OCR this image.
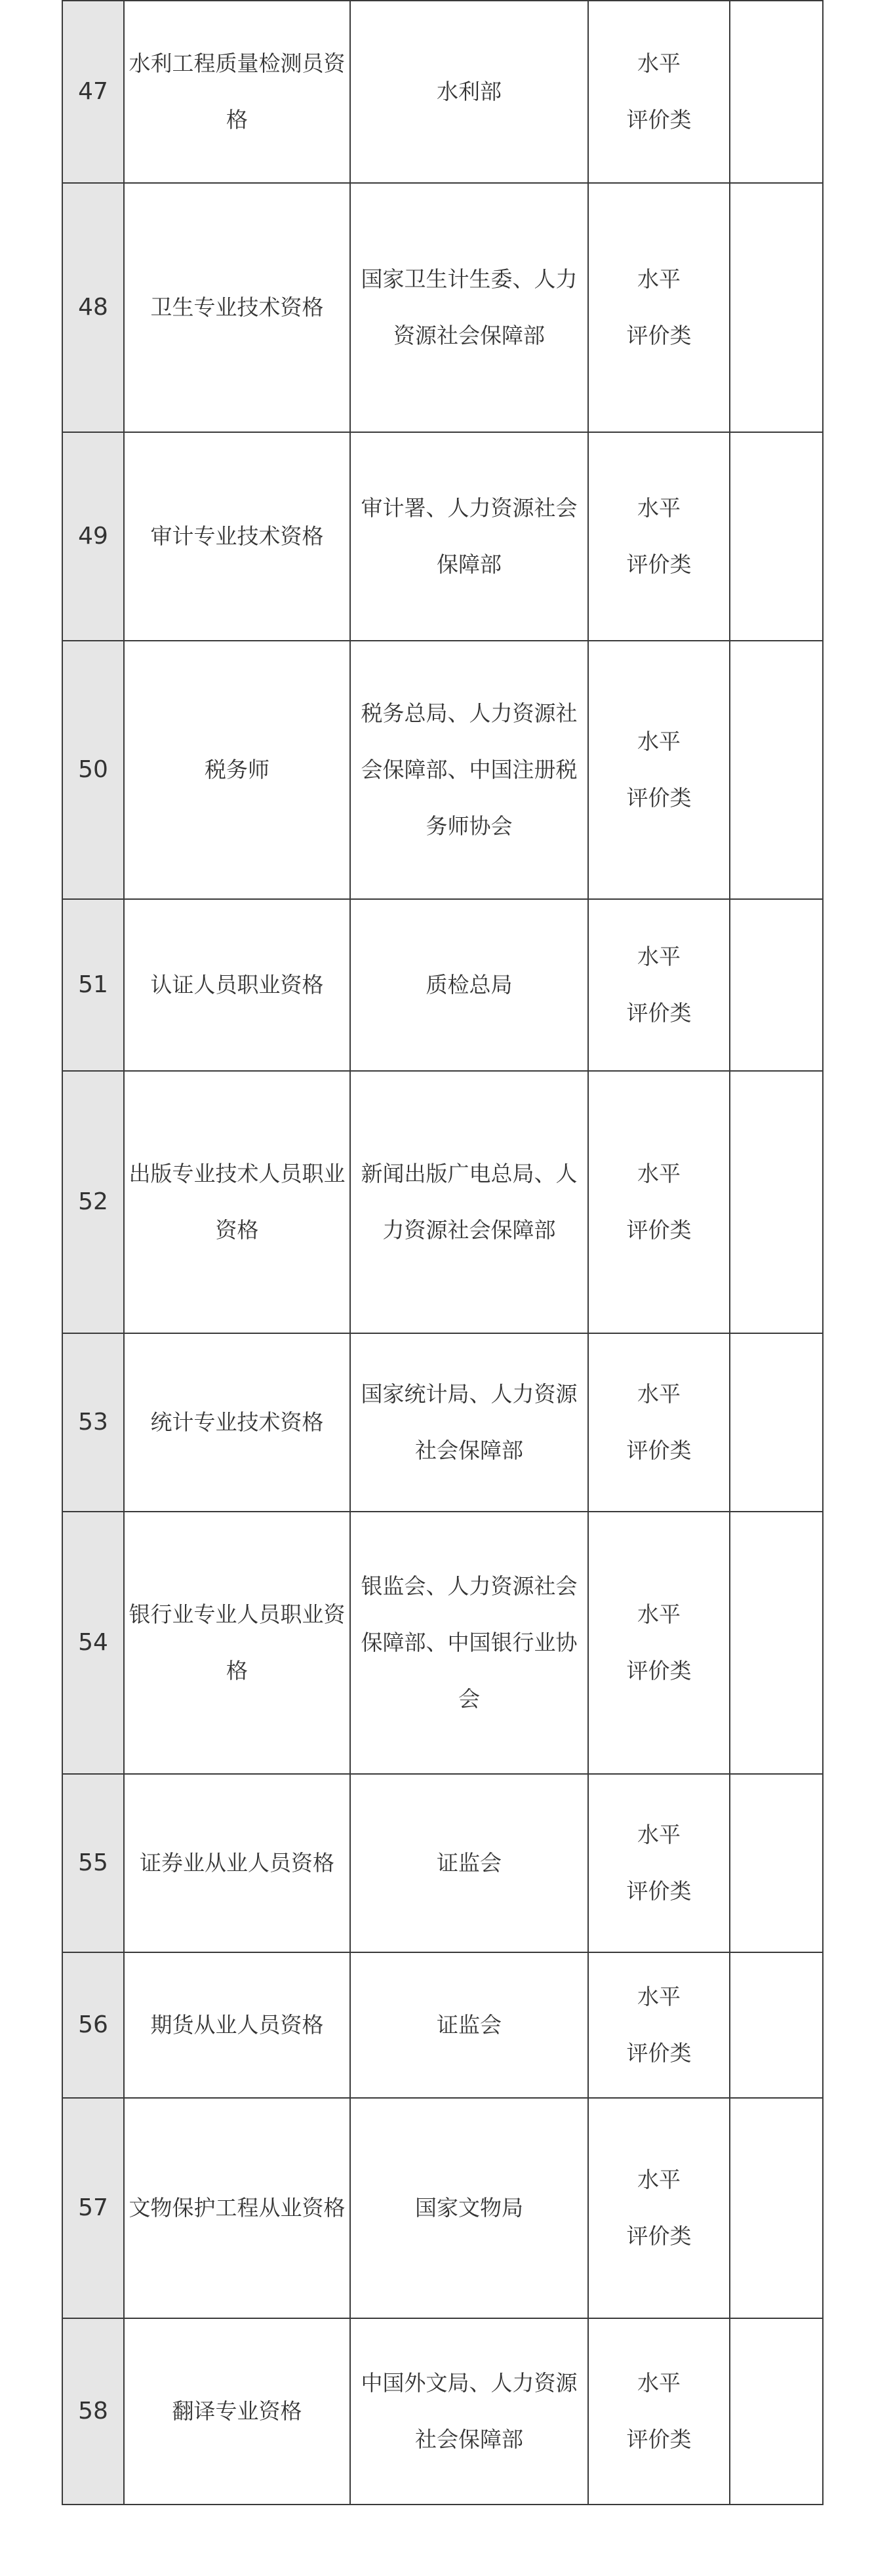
47	水利工程质量检测员资格	水利部	水平
评价类	

48	卫生专业技术资格	国家卫生计生委、人力资源社会保障部	水平
评价类	

49	审计专业技术资格	审计署、人力资源社会保障部	水平
评价类	

50	税务师	税务总局、人力资源社会保障部、中国注册税务师协会	水平
评价类	

51	认证人员职业资格	质检总局	水平
评价类	

52	出版专业技术人员职业资格	新闻出版广电总局、人力资源社会保障部	水平
评价类	

53	统计专业技术资格	国家统计局、人力资源社会保障部	水平
评价类	

54	银行业专业人员职业资格	银监会、人力资源社会保障部、中国银行业协会	水平
评价类	

55	证券业从业人员资格	证监会	水平
评价类	

56	期货从业人员资格	证监会	水平
评价类	

57	文物保护工程从业资格	国家文物局	水平
评价类	

58	翻译专业资格	中国外文局、人力资源社会保障部	水平
评价类	
